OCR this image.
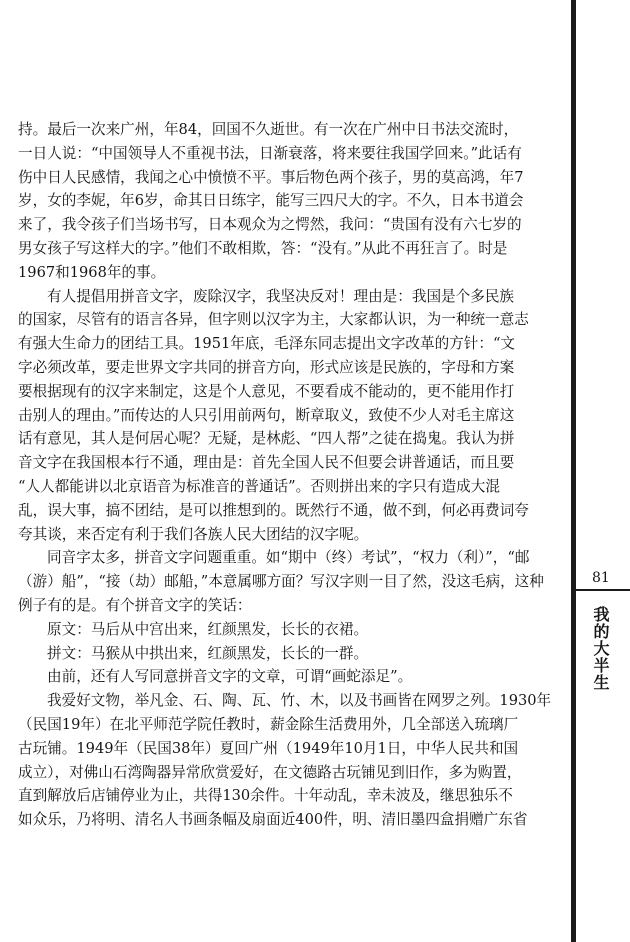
持。最后一次来广州，年84，回国不久逝世。有一次在广州中日书法交流时，
一日人说：“中国领导人不重视书法，日渐衰落，将来要往我国学回来。”此话有
伤中日人民感情，我闻之心中愤愤不平。事后物色两个孩子，男的莫高鸿，年7
岁，女的李妮，年6岁，命其日日练字，能写三四尺大的字。不久，日本书道会
来了，我令孩子们当场书写，日本观众为之愕然，我问：“贵国有没有六七岁的
男女孩子写这样大的字。”他们不敢相欺，答：“没有。”从此不再狂言了。时是
1967和1968年的事。

有人提倡用拼音文字，废除汉字，我坚决反对！理由是：我国是个多民族
的国家，尽管有的语言各异，但字则以汉字为主，大家都认识，为一种统一意志
有强大生命力的团结工具。1951年底，毛泽东同志提出文字改革的方针：“文
字必须改革，要走世界文字共同的拼音方向，形式应该是民族的，字母和方案
要根据现有的汉字来制定，这是个人意见，不要看成不能动的，更不能用作打
击别人的理由。”而传达的人只引用前两句，断章取义，致使不少人对毛主席这
话有意见，其人是何居心呢？无疑，是林彪、“四人帮”之徒在捣鬼。我认为拼
音文字在我国根本行不通，理由是：首先全国人民不但要会讲普通话，而且要
“人人都能讲以北京语音为标准音的普通话”。否则拼出来的字只有造成大混
乱，误大事，搞不团结，是可以推想到的。既然行不通，做不到，何必再费词夸
夸其谈，来否定有利于我们各族人民大团结的汉字呢。

同音字太多，拼音文字问题重重。如“期中（终）考试”，“权力（利）”，“邮
（游）船”，“接（劫）邮船，”本意属哪方面？写汉字则一目了然，没这毛病，这种
例子有的是。有个拼音文字的笑话：

原文：马后从中宫出来，红颜黑发，长长的衣裙。

拼文：马猴从中拱出来，红颜黑发，长长的一群。

由前，还有人写同意拼音文字的文章，可谓“画蛇添足”。

我爱好文物，举凡金、石、陶、瓦、竹、木，以及书画皆在网罗之列。1930年
（民国19年）在北平师范学院任教时，薪金除生活费用外，几全部送入琉璃厂
古玩铺。1949年（民国38年）夏回广州（1949年10月1日，中华人民共和国
成立），对佛山石湾陶器异常欣赏爱好，在文德路古玩铺见到旧作，多为购置，
直到解放后店铺停业为止，共得130余件。十年动乱，幸未波及，继思独乐不
如众乐，乃将明、清名人书画条幅及扇面近400件，明、清旧墨四盒捐赠广东省

81
我的大半生
